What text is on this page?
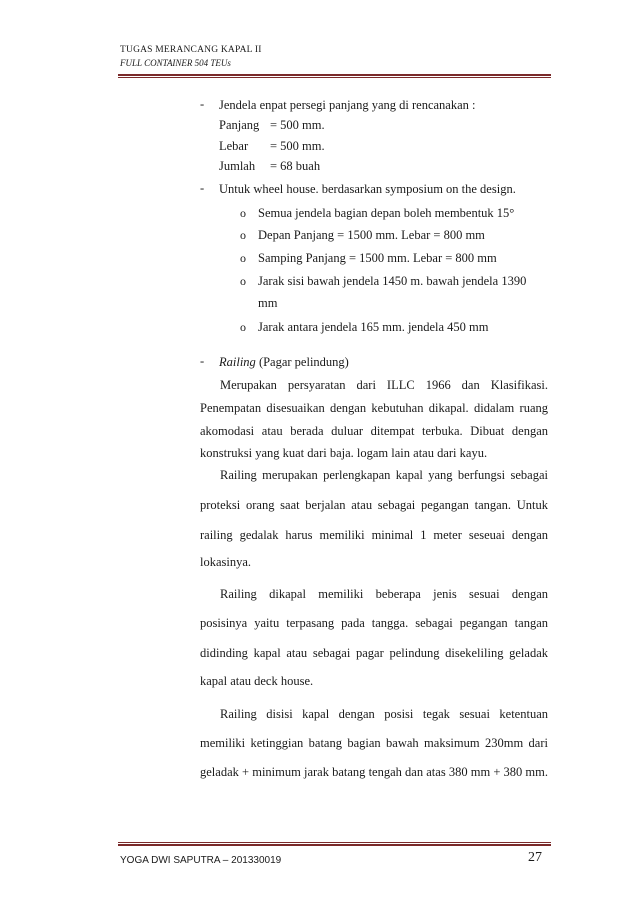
TUGAS MERANCANG KAPAL II
FULL CONTAINER 504 TEUs
- Jendela enpat persegi panjang yang di rencanakan :
Panjang = 500 mm.
Lebar = 500 mm.
Jumlah = 68 buah
- Untuk wheel house. berdasarkan symposium on the design.
o Semua jendela bagian depan boleh membentuk 15°
o Depan Panjang = 1500 mm. Lebar = 800 mm
o Samping Panjang = 1500 mm. Lebar = 800 mm
o Jarak sisi bawah jendela 1450 m. bawah jendela 1390
mm
o Jarak antara jendela 165 mm. jendela 450 mm
- Railing (Pagar pelindung)
Merupakan persyaratan dari ILLC 1966 dan Klasifikasi.
Penempatan disesuaikan dengan kebutuhan dikapal. didalam ruang
akomodasi atau berada duluar ditempat terbuka. Dibuat dengan
konstruksi yang kuat dari baja. logam lain atau dari kayu.
Railing merupakan perlengkapan kapal yang berfungsi sebagai
proteksi orang saat berjalan atau sebagai pegangan tangan. Untuk
railing gedalak harus memiliki minimal 1 meter seseuai dengan
lokasinya.
Railing dikapal memiliki beberapa jenis sesuai dengan
posisinya yaitu terpasang pada tangga. sebagai pegangan tangan
didinding kapal atau sebagai pagar pelindung disekeliling geladak
kapal atau deck house.
Railing disisi kapal dengan posisi tegak sesuai ketentuan
memiliki ketinggian batang bagian bawah maksimum 230mm dari
geladak + minimum jarak batang tengah dan atas 380 mm + 380 mm.
YOGA DWI SAPUTRA – 201330019	27
